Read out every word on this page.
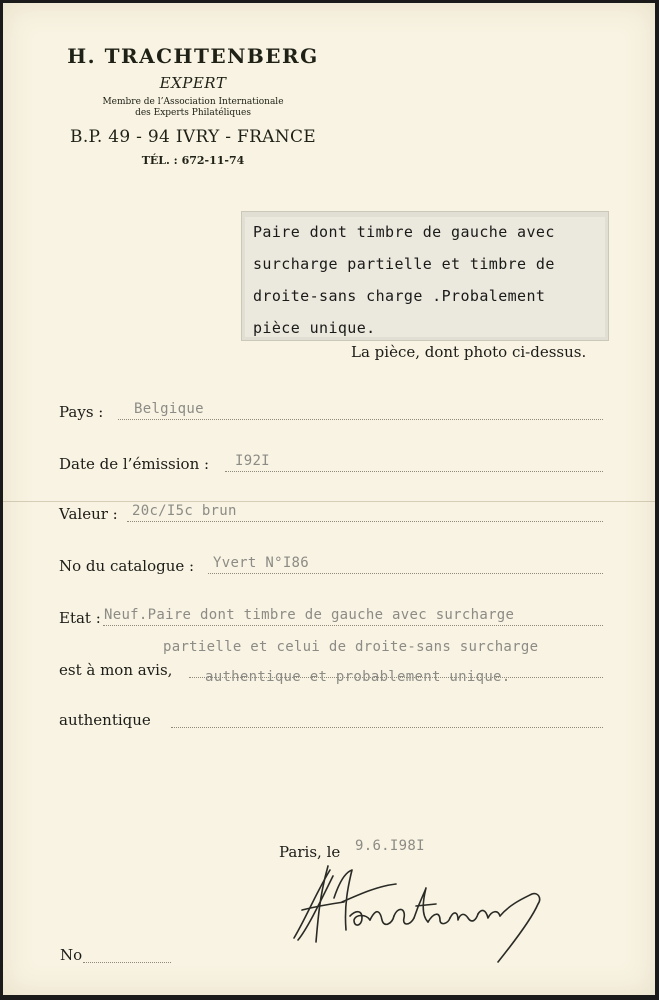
H. TRACHTENBERG
EXPERT
Membre de l’Association Internationale
des Experts Philatéliques
B.P. 49 - 94 IVRY - FRANCE
TÉL. : 672-11-74
Paire dont timbre de gauche avec
surcharge partielle et timbre de
droite-sans charge .Probalement
pièce unique.
La pièce, dont photo ci-dessus.
Pays : Belgique
Date de l’émission : I92I
Valeur : 20c/I5c brun
No du catalogue : Yvert N°I86
Etat : Neuf.Paire dont timbre de gauche avec surcharge
partielle et celui de droite-sans surcharge
est à mon avis, authentique et probablement unique.
authentique
Paris, le 9.6.I98I
No
